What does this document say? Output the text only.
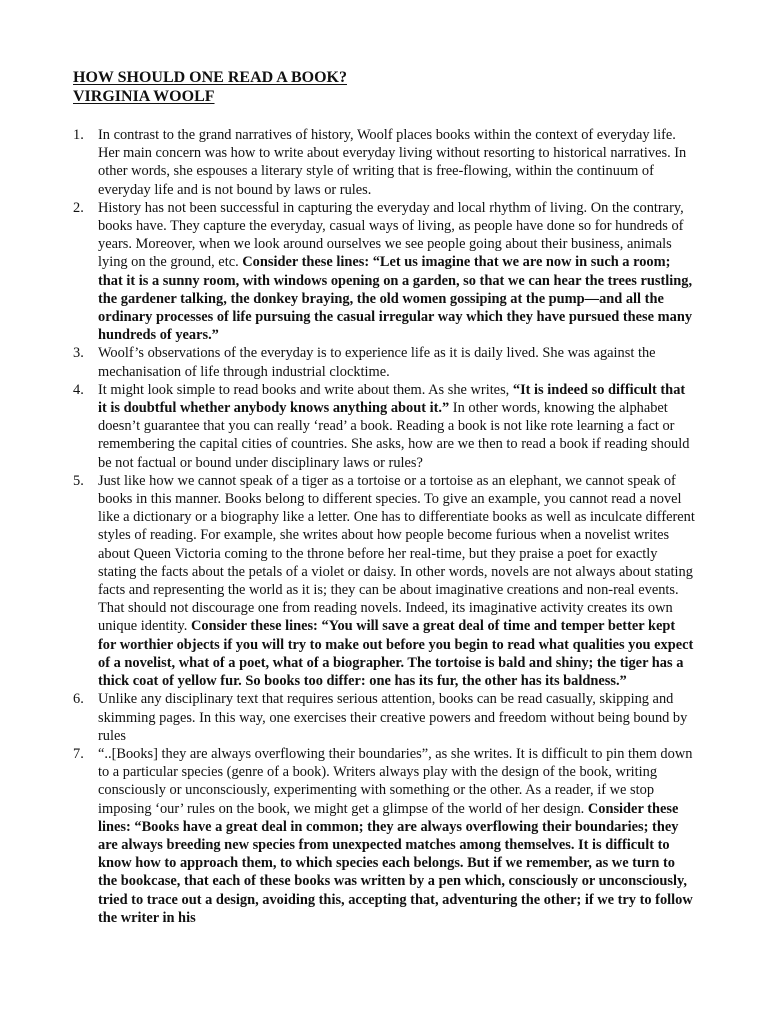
HOW SHOULD ONE READ A BOOK?
VIRGINIA WOOLF
1. In contrast to the grand narratives of history, Woolf places books within the context of everyday life. Her main concern was how to write about everyday living without resorting to historical narratives. In other words, she espouses a literary style of writing that is free-flowing, within the continuum of everyday life and is not bound by laws or rules.
2. History has not been successful in capturing the everyday and local rhythm of living. On the contrary, books have. They capture the everyday, casual ways of living, as people have done so for hundreds of years. Moreover, when we look around ourselves we see people going about their business, animals lying on the ground, etc. Consider these lines: “Let us imagine that we are now in such a room; that it is a sunny room, with windows opening on a garden, so that we can hear the trees rustling, the gardener talking, the donkey braying, the old women gossiping at the pump—and all the ordinary processes of life pursuing the casual irregular way which they have pursued these many hundreds of years.”
3. Woolf’s observations of the everyday is to experience life as it is daily lived. She was against the mechanisation of life through industrial clocktime.
4. It might look simple to read books and write about them. As she writes, “It is indeed so difficult that it is doubtful whether anybody knows anything about it.” In other words, knowing the alphabet doesn’t guarantee that you can really ‘read’ a book. Reading a book is not like rote learning a fact or remembering the capital cities of countries. She asks, how are we then to read a book if reading should be not factual or bound under disciplinary laws or rules?
5. Just like how we cannot speak of a tiger as a tortoise or a tortoise as an elephant, we cannot speak of books in this manner. Books belong to different species. To give an example, you cannot read a novel like a dictionary or a biography like a letter. One has to differentiate books as well as inculcate different styles of reading. For example, she writes about how people become furious when a novelist writes about Queen Victoria coming to the throne before her real-time, but they praise a poet for exactly stating the facts about the petals of a violet or daisy. In other words, novels are not always about stating facts and representing the world as it is; they can be about imaginative creations and non-real events. That should not discourage one from reading novels. Indeed, its imaginative activity creates its own unique identity. Consider these lines: “You will save a great deal of time and temper better kept for worthier objects if you will try to make out before you begin to read what qualities you expect of a novelist, what of a poet, what of a biographer. The tortoise is bald and shiny; the tiger has a thick coat of yellow fur. So books too differ: one has its fur, the other has its baldness.”
6. Unlike any disciplinary text that requires serious attention, books can be read casually, skipping and skimming pages. In this way, one exercises their creative powers and freedom without being bound by rules
7. “..[Books] they are always overflowing their boundaries”, as she writes. It is difficult to pin them down to a particular species (genre of a book). Writers always play with the design of the book, writing consciously or unconsciously, experimenting with something or the other. As a reader, if we stop imposing ‘our’ rules on the book, we might get a glimpse of the world of her design. Consider these lines: “Books have a great deal in common; they are always overflowing their boundaries; they are always breeding new species from unexpected matches among themselves. It is difficult to know how to approach them, to which species each belongs. But if we remember, as we turn to the bookcase, that each of these books was written by a pen which, consciously or unconsciously, tried to trace out a design, avoiding this, accepting that, adventuring the other; if we try to follow the writer in his
